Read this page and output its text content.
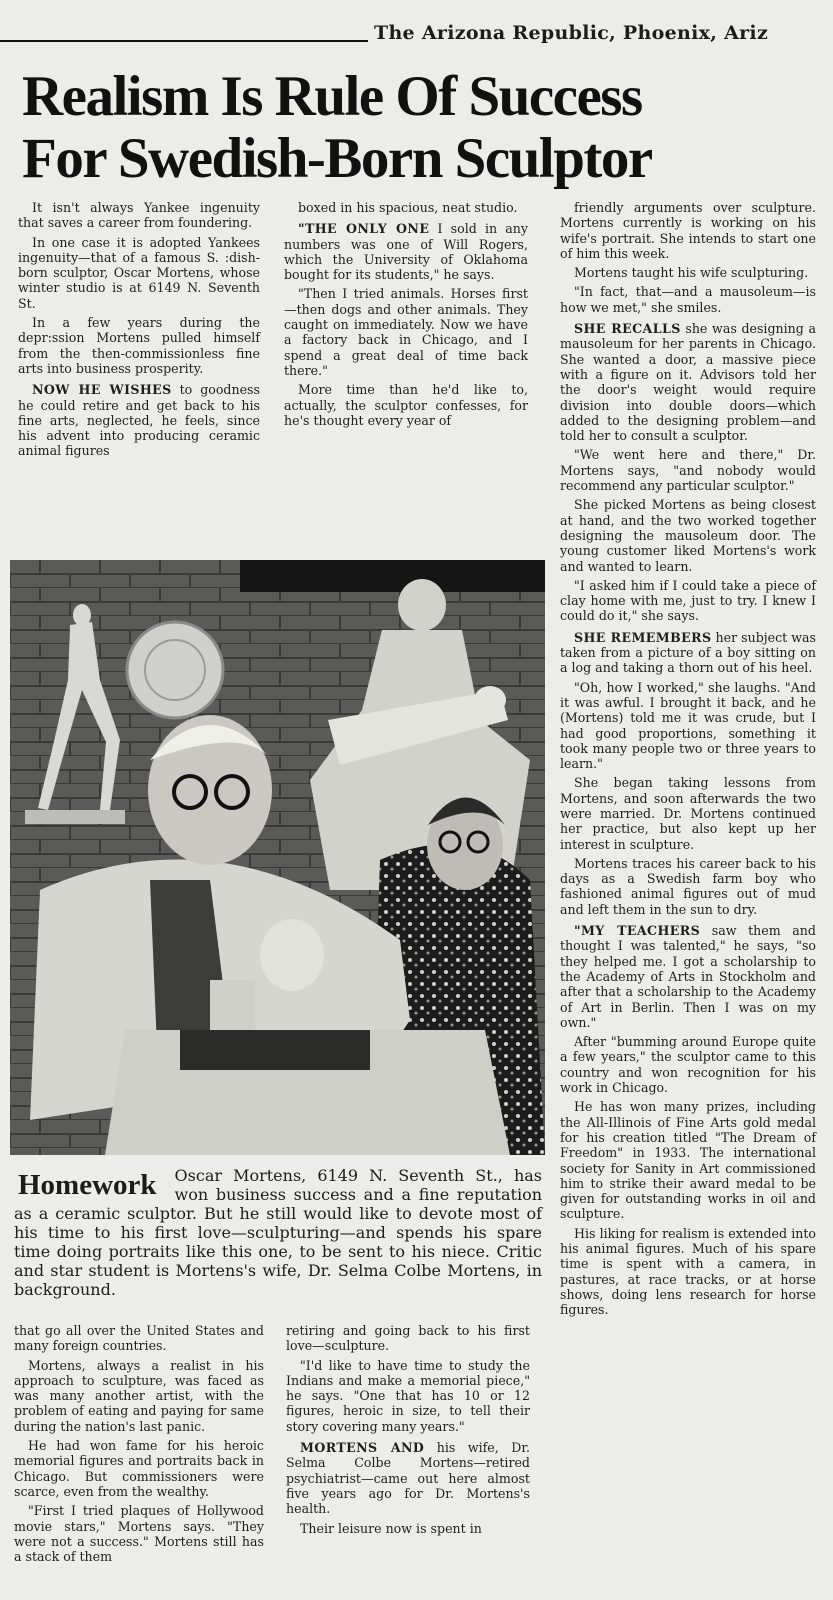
The Arizona Republic, Phoenix, Ariz
Realism Is Rule Of Success
For Swedish-Born Sculptor

It isn't always Yankee ingenuity that saves a career from foundering.

In one case it is adopted Yankees ingenuity—that of a famous S. :dish-born sculptor, Oscar Mortens, whose winter studio is at 6149 N. Seventh St.

In a few years during the depr:ssion Mortens pulled himself from the then-commissionless fine arts into business prosperity.

NOW HE WISHES to goodness he could retire and get back to his fine arts, neglected, he feels, since his advent into producing ceramic animal figures

boxed in his spacious, neat studio.

"THE ONLY ONE I sold in any numbers was one of Will Rogers, which the University of Oklahoma bought for its students," he says.

"Then I tried animals. Horses first—then dogs and other animals. They caught on immediately. Now we have a factory back in Chicago, and I spend a great deal of time back there."

More time than he'd like to, actually, the sculptor confesses, for he's thought every year of

friendly arguments over sculpture. Mortens currently is working on his wife's portrait. She intends to start one of him this week.

Mortens taught his wife sculpturing.

"In fact, that—and a mausoleum—is how we met," she smiles.

SHE RECALLS she was designing a mausoleum for her parents in Chicago. She wanted a door, a massive piece with a figure on it. Advisors told her the door's weight would require division into double doors—which added to the designing problem—and told her to consult a sculptor.

"We went here and there," Dr. Mortens says, "and nobody would recommend any particular sculptor."

She picked Mortens as being closest at hand, and the two worked together designing the mausoleum door. The young customer liked Mortens's work and wanted to learn.

"I asked him if I could take a piece of clay home with me, just to try. I knew I could do it," she says.

SHE REMEMBERS her subject was taken from a picture of a boy sitting on a log and taking a thorn out of his heel.

"Oh, how I worked," she laughs. "And it was awful. I brought it back, and he (Mortens) told me it was crude, but I had good proportions, something it took many people two or three years to learn."

She began taking lessons from Mortens, and soon afterwards the two were married. Dr. Mortens continued her practice, but also kept up her interest in sculpture.

Mortens traces his career back to his days as a Swedish farm boy who fashioned animal figures out of mud and left them in the sun to dry.

"MY TEACHERS saw them and thought I was talented," he says, "so they helped me. I got a scholarship to the Academy of Arts in Stockholm and after that a scholarship to the Academy of Art in Berlin. Then I was on my own."

After "bumming around Europe quite a few years," the sculptor came to this country and won recognition for his work in Chicago.

He has won many prizes, including the All-Illinois of Fine Arts gold medal for his creation titled "The Dream of Freedom" in 1933. The international society for Sanity in Art commissioned him to strike their award medal to be given for outstanding works in oil and sculpture.

His liking for realism is extended into his animal figures. Much of his spare time is spent with a camera, in pastures, at race tracks, or at horse shows, doing lens research for horse figures.

Homework Oscar Mortens, 6149 N. Seventh St., has won business success and a fine reputation as a ceramic sculptor. But he still would like to devote most of his time to his first love—sculpturing—and spends his spare time doing portraits like this one, to be sent to his niece. Critic and star student is Mortens's wife, Dr. Selma Colbe Mortens, in background.

that go all over the United States and many foreign countries.

Mortens, always a realist in his approach to sculpture, was faced as was many another artist, with the problem of eating and paying for same during the nation's last panic.

He had won fame for his heroic memorial figures and portraits back in Chicago. But commissioners were scarce, even from the wealthy.

"First I tried plaques of Hollywood movie stars," Mortens says. "They were not a success." Mortens still has a stack of them

retiring and going back to his first love—sculpture.

"I'd like to have time to study the Indians and make a memorial piece," he says. "One that has 10 or 12 figures, heroic in size, to tell their story covering many years."

MORTENS AND his wife, Dr. Selma Colbe Mortens—retired psychiatrist—came out here almost five years ago for Dr. Mortens's health.

Their leisure now is spent in
